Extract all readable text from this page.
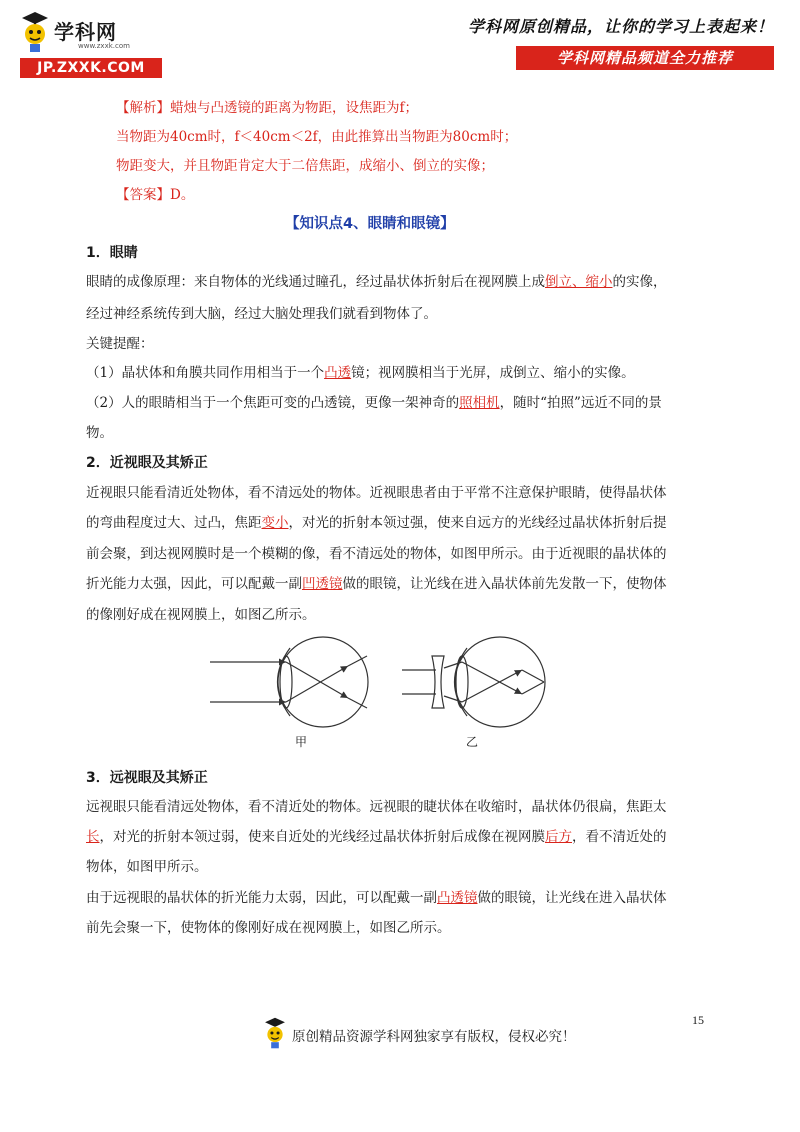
学科网
www.zxxk.com
JP.ZXXK.COM
学科网原创精品，让你的学习上表起来！
学科网精品频道全力推荐
【解析】蜡烛与凸透镜的距离为物距，设焦距为f；
当物距为40cm时，f＜40cm＜2f，由此推算出当物距为80cm时；
物距变大，并且物距肯定大于二倍焦距，成缩小、倒立的实像；
【答案】D。
【知识点4、眼睛和眼镜】
1．眼睛
眼睛的成像原理：来自物体的光线通过瞳孔，经过晶状体折射后在视网膜上成倒立、缩小的实像，
经过神经系统传到大脑，经过大脑处理我们就看到物体了。
关键提醒：
（1）晶状体和角膜共同作用相当于一个凸透镜；视网膜相当于光屏，成倒立、缩小的实像。
（2）人的眼睛相当于一个焦距可变的凸透镜，更像一架神奇的照相机，随时“拍照”远近不同的景
物。
2．近视眼及其矫正
近视眼只能看清近处物体，看不清远处的物体。近视眼患者由于平常不注意保护眼睛，使得晶状体
的弯曲程度过大、过凸，焦距变小，对光的折射本领过强，使来自远方的光线经过晶状体折射后提
前会聚，到达视网膜时是一个模糊的像，看不清远处的物体，如图甲所示。由于近视眼的晶状体的
折光能力太强，因此，可以配戴一副凹透镜做的眼镜，让光线在进入晶状体前先发散一下，使物体
的像刚好成在视网膜上，如图乙所示。
甲	乙
3．远视眼及其矫正
远视眼只能看清远处物体，看不清近处的物体。远视眼的睫状体在收缩时，晶状体仍很扁，焦距太
长，对光的折射本领过弱，使来自近处的光线经过晶状体折射后成像在视网膜后方，看不清近处的
物体，如图甲所示。
由于远视眼的晶状体的折光能力太弱，因此，可以配戴一副凸透镜做的眼镜，让光线在进入晶状体
前先会聚一下，使物体的像刚好成在视网膜上，如图乙所示。
原创精品资源学科网独家享有版权，侵权必究！
15
